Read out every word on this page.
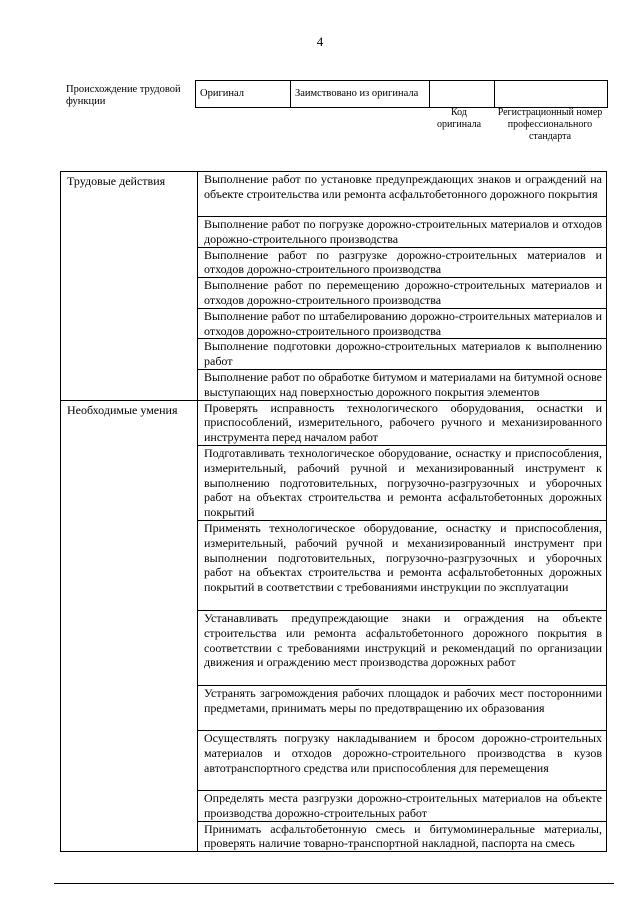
4
Происхождение трудовой функции
Оригинал	Заимствовано из оригинала		
Код оригинала
Регистрационный номер профессионального стандарта
Трудовые действия	Выполнение работ по установке предупреждающих знаков и ограждений на объекте строительства или ремонта асфальтобетонного дорожного покрытия
	Выполнение работ по погрузке дорожно-строительных материалов и отходов дорожно-строительного производства
	Выполнение работ по разгрузке дорожно-строительных материалов и отходов дорожно-строительного производства
	Выполнение работ по перемещению дорожно-строительных материалов и отходов дорожно-строительного производства
	Выполнение работ по штабелированию дорожно-строительных материалов и отходов дорожно-строительного производства
	Выполнение подготовки дорожно-строительных материалов к выполнению работ
	Выполнение работ по обработке битумом и материалами на битумной основе выступающих над поверхностью дорожного покрытия элементов
Необходимые умения	Проверять исправность технологического оборудования, оснастки и приспособлений, измерительного, рабочего ручного и механизированного инструмента перед началом работ
	Подготавливать технологическое оборудование, оснастку и приспособления, измерительный, рабочий ручной и механизированный инструмент к выполнению подготовительных, погрузочно-разгрузочных и уборочных работ на объектах строительства и ремонта асфальтобетонных дорожных покрытий
	Применять технологическое оборудование, оснастку и приспособления, измерительный, рабочий ручной и механизированный инструмент при выполнении подготовительных, погрузочно-разгрузочных и уборочных работ на объектах строительства и ремонта асфальтобетонных дорожных покрытий в соответствии с требованиями инструкции по эксплуатации
	Устанавливать предупреждающие знаки и ограждения на объекте строительства или ремонта асфальтобетонного дорожного покрытия в соответствии с требованиями инструкций и рекомендаций по организации движения и ограждению мест производства дорожных работ
	Устранять загромождения рабочих площадок и рабочих мест посторонними предметами, принимать меры по предотвращению их образования
	Осуществлять погрузку накладыванием и бросом дорожно-строительных материалов и отходов дорожно-строительного производства в кузов автотранспортного средства или приспособления для перемещения
	Определять места разгрузки дорожно-строительных материалов на объекте производства дорожно-строительных работ
	Принимать асфальтобетонную смесь и битумоминеральные материалы, проверять наличие товарно-транспортной накладной, паспорта на смесь
